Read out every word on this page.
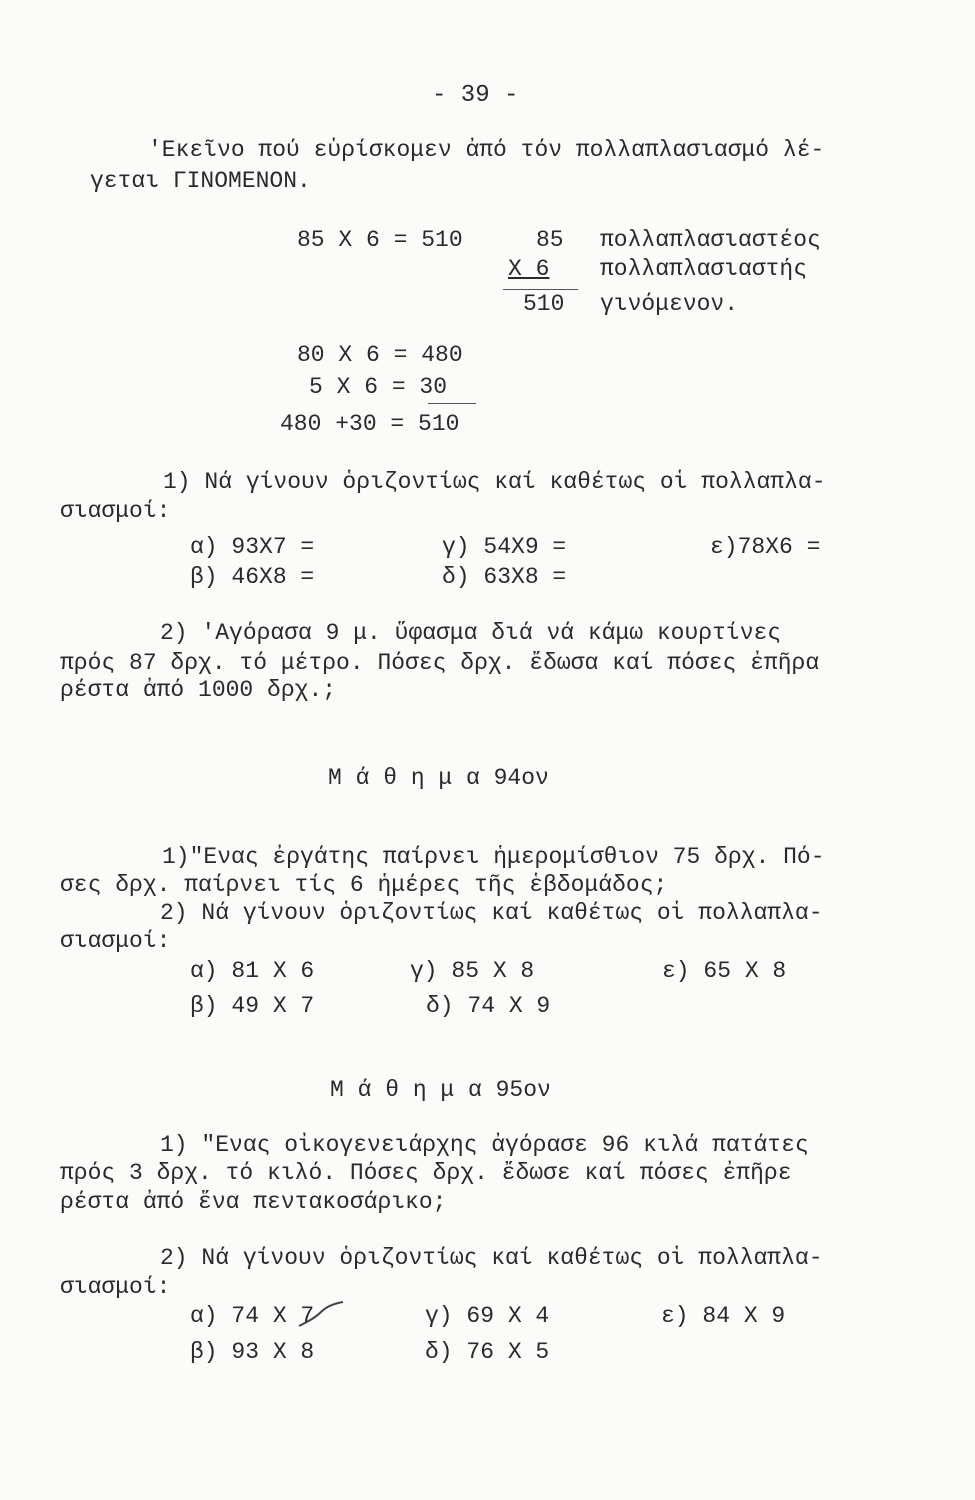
- 39 -
'Εκεῖνο πού εὑρίσκομεν ἀπό τόν πολλαπλασιασμό λέ-
γεται ΓΙΝΟΜΕΝΟΝ.
85 Χ 6 = 510	85 πολλαπλασιαστέος
Χ 6 πολλαπλασιαστής
510 γινόμενον.
80 Χ 6 = 480
5 Χ 6 = 30
480 +30 = 510
1) Νά γίνουν ὁριζοντίως καί καθέτως οἱ πολλαπλα-
σιασμοί:
α) 93Χ7 =	γ) 54Χ9 =	ε)78Χ6 =
β) 46Χ8 =	δ) 63Χ8 =
2) 'Αγόρασα 9 μ. ὕφασμα διά νά κάμω κουρτίνες
πρός 87 δρχ. τό μέτρο. Πόσες δρχ. ἔδωσα καί πόσες ἐπῆρα
ρέστα ἀπό 1000 δρχ.;
Μ ά θ η μ α 94ον
1)"Ενας ἐργάτης παίρνει ἡμερομίσθιον 75 δρχ. Πό-
σες δρχ. παίρνει τίς 6 ἡμέρες τῆς ἑβδομάδος;
2) Νά γίνουν ὁριζοντίως καί καθέτως οἱ πολλαπλα-
σιασμοί:
α) 81 Χ 6	γ) 85 Χ 8	ε) 65 Χ 8
β) 49 Χ 7	δ) 74 Χ 9
Μ ά θ η μ α 95ον
1) "Ενας οἰκογενειάρχης ἀγόρασε 96 κιλά πατάτες
πρός 3 δρχ. τό κιλό. Πόσες δρχ. ἔδωσε καί πόσες ἐπῆρε
ρέστα ἀπό ἕνα πεντακοσάρικο;
2) Νά γίνουν ὁριζοντίως καί καθέτως οἱ πολλαπλα-
σιασμοί:
α) 74 Χ 7	γ) 69 Χ 4	ε) 84 Χ 9
β) 93 Χ 8	δ) 76 Χ 5
